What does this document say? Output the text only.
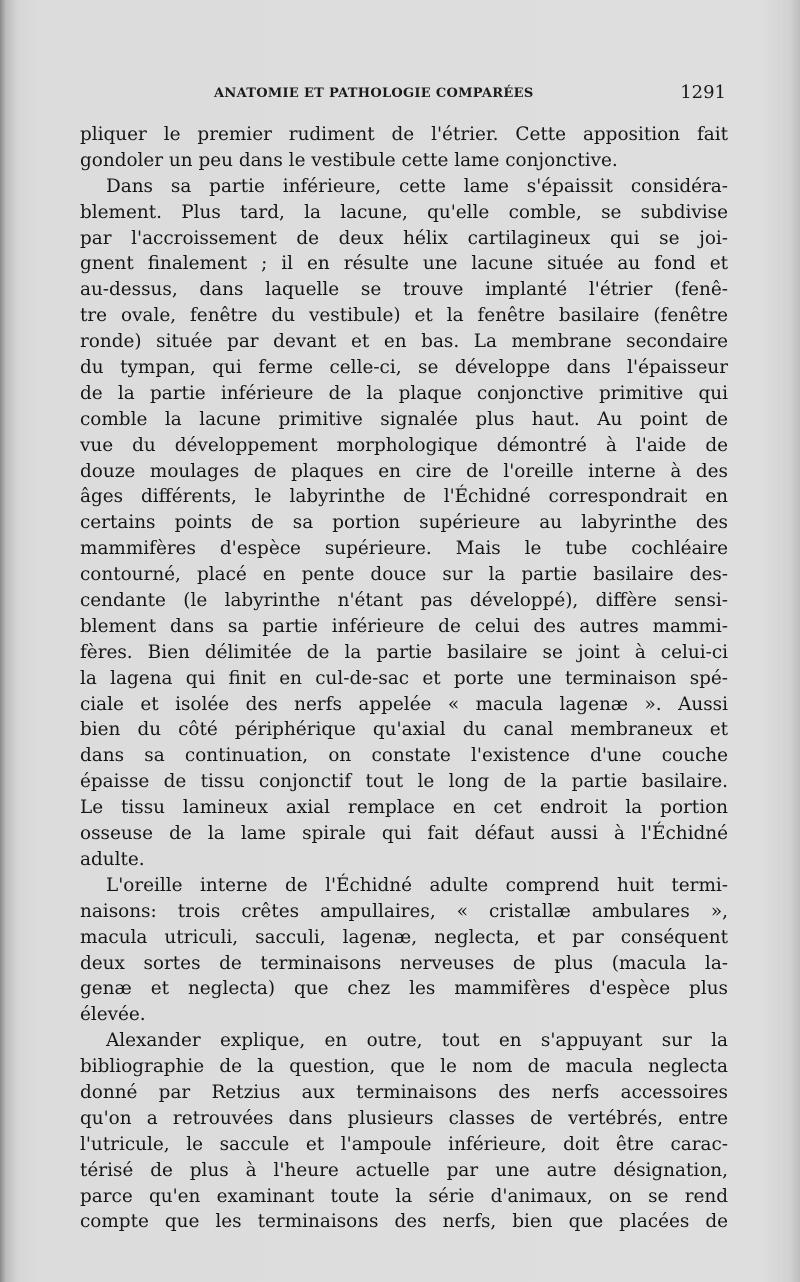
ANATOMIE ET PATHOLOGIE COMPARÉES	1291
pliquer le premier rudiment de l'étrier. Cette apposition fait
gondoler un peu dans le vestibule cette lame conjonctive.
Dans sa partie inférieure, cette lame s'épaissit considéra-
blement. Plus tard, la lacune, qu'elle comble, se subdivise
par l'accroissement de deux hélix cartilagineux qui se joi-
gnent finalement ; il en résulte une lacune située au fond et
au-dessus, dans laquelle se trouve implanté l'étrier (fenê-
tre ovale, fenêtre du vestibule) et la fenêtre basilaire (fenêtre
ronde) située par devant et en bas. La membrane secondaire
du tympan, qui ferme celle-ci, se développe dans l'épaisseur
de la partie inférieure de la plaque conjonctive primitive qui
comble la lacune primitive signalée plus haut. Au point de
vue du développement morphologique démontré à l'aide de
douze moulages de plaques en cire de l'oreille interne à des
âges différents, le labyrinthe de l'Échidné correspondrait en
certains points de sa portion supérieure au labyrinthe des
mammifères d'espèce supérieure. Mais le tube cochléaire
contourné, placé en pente douce sur la partie basilaire des-
cendante (le labyrinthe n'étant pas développé), diffère sensi-
blement dans sa partie inférieure de celui des autres mammi-
fères. Bien délimitée de la partie basilaire se joint à celui-ci
la lagena qui finit en cul-de-sac et porte une terminaison spé-
ciale et isolée des nerfs appelée « macula lagenæ ». Aussi
bien du côté périphérique qu'axial du canal membraneux et
dans sa continuation, on constate l'existence d'une couche
épaisse de tissu conjonctif tout le long de la partie basilaire.
Le tissu lamineux axial remplace en cet endroit la portion
osseuse de la lame spirale qui fait défaut aussi à l'Échidné
adulte.
L'oreille interne de l'Échidné adulte comprend huit termi-
naisons: trois crêtes ampullaires, « cristallæ ambulares »,
macula utriculi, sacculi, lagenæ, neglecta, et par conséquent
deux sortes de terminaisons nerveuses de plus (macula la-
genæ et neglecta) que chez les mammifères d'espèce plus
élevée.
Alexander explique, en outre, tout en s'appuyant sur la
bibliographie de la question, que le nom de macula neglecta
donné par Retzius aux terminaisons des nerfs accessoires
qu'on a retrouvées dans plusieurs classes de vertébrés, entre
l'utricule, le saccule et l'ampoule inférieure, doit être carac-
térisé de plus à l'heure actuelle par une autre désignation,
parce qu'en examinant toute la série d'animaux, on se rend
compte que les terminaisons des nerfs, bien que placées de
